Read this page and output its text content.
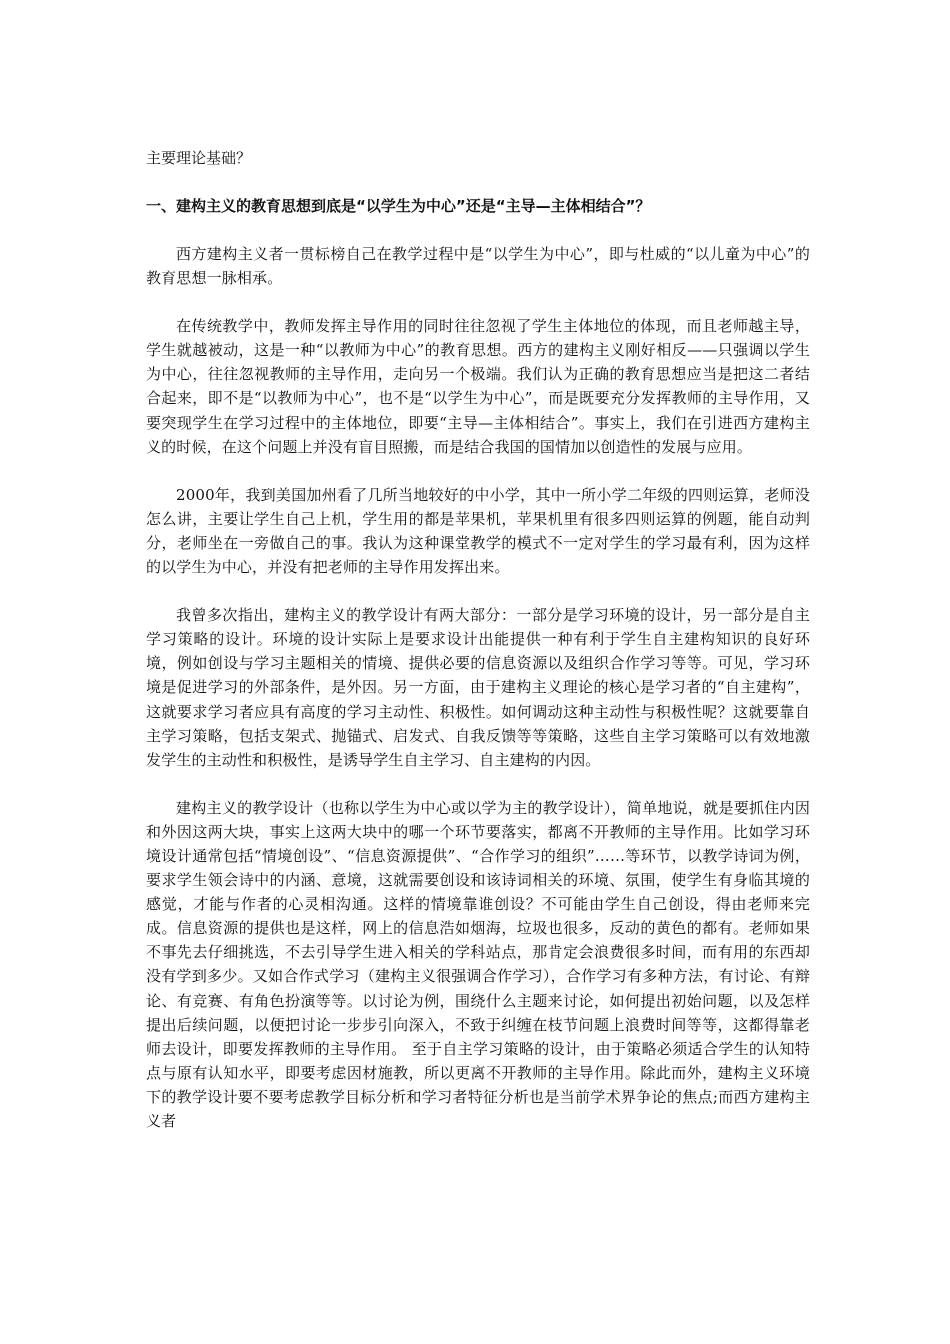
主要理论基础？

一、建构主义的教育思想到底是“以学生为中心”还是“主导—主体相结合”？

西方建构主义者一贯标榜自己在教学过程中是“以学生为中心”，即与杜威的“以儿童为中心”的教育思想一脉相承。

在传统教学中，教师发挥主导作用的同时往往忽视了学生主体地位的体现，而且老师越主导，学生就越被动，这是一种“以教师为中心”的教育思想。西方的建构主义刚好相反——只强调以学生为中心，往往忽视教师的主导作用，走向另一个极端。我们认为正确的教育思想应当是把这二者结合起来，即不是“以教师为中心”，也不是“以学生为中心”，而是既要充分发挥教师的主导作用，又要突现学生在学习过程中的主体地位，即要“主导—主体相结合”。事实上，我们在引进西方建构主义的时候，在这个问题上并没有盲目照搬，而是结合我国的国情加以创造性的发展与应用。

2000年，我到美国加州看了几所当地较好的中小学，其中一所小学二年级的四则运算，老师没怎么讲，主要让学生自己上机，学生用的都是苹果机，苹果机里有很多四则运算的例题，能自动判分，老师坐在一旁做自己的事。我认为这种课堂教学的模式不一定对学生的学习最有利，因为这样的以学生为中心，并没有把老师的主导作用发挥出来。

我曾多次指出，建构主义的教学设计有两大部分：一部分是学习环境的设计，另一部分是自主学习策略的设计。环境的设计实际上是要求设计出能提供一种有利于学生自主建构知识的良好环境，例如创设与学习主题相关的情境、提供必要的信息资源以及组织合作学习等等。可见，学习环境是促进学习的外部条件，是外因。另一方面，由于建构主义理论的核心是学习者的“自主建构”，这就要求学习者应具有高度的学习主动性、积极性。如何调动这种主动性与积极性呢？这就要靠自主学习策略，包括支架式、抛锚式、启发式、自我反馈等等策略，这些自主学习策略可以有效地激发学生的主动性和积极性，是诱导学生自主学习、自主建构的内因。

建构主义的教学设计（也称以学生为中心或以学为主的教学设计），简单地说，就是要抓住内因和外因这两大块，事实上这两大块中的哪一个环节要落实，都离不开教师的主导作用。比如学习环境设计通常包括“情境创设”、“信息资源提供”、“合作学习的组织”……等环节，以教学诗词为例，要求学生领会诗中的内涵、意境，这就需要创设和该诗词相关的环境、氛围，使学生有身临其境的感觉，才能与作者的心灵相沟通。这样的情境靠谁创设？不可能由学生自己创设，得由老师来完成。信息资源的提供也是这样，网上的信息浩如烟海，垃圾也很多，反动的黄色的都有。老师如果不事先去仔细挑选，不去引导学生进入相关的学科站点，那肯定会浪费很多时间，而有用的东西却没有学到多少。又如合作式学习（建构主义很强调合作学习），合作学习有多种方法，有讨论、有辩论、有竞赛、有角色扮演等等。以讨论为例，围绕什么主题来讨论，如何提出初始问题，以及怎样提出后续问题，以便把讨论一步步引向深入，不致于纠缠在枝节问题上浪费时间等等，这都得靠老师去设计，即要发挥教师的主导作用。 至于自主学习策略的设计，由于策略必须适合学生的认知特点与原有认知水平，即要考虑因材施教，所以更离不开教师的主导作用。除此而外，建构主义环境下的教学设计要不要考虑教学目标分析和学习者特征分析也是当前学术界争论的焦点;而西方建构主义者
